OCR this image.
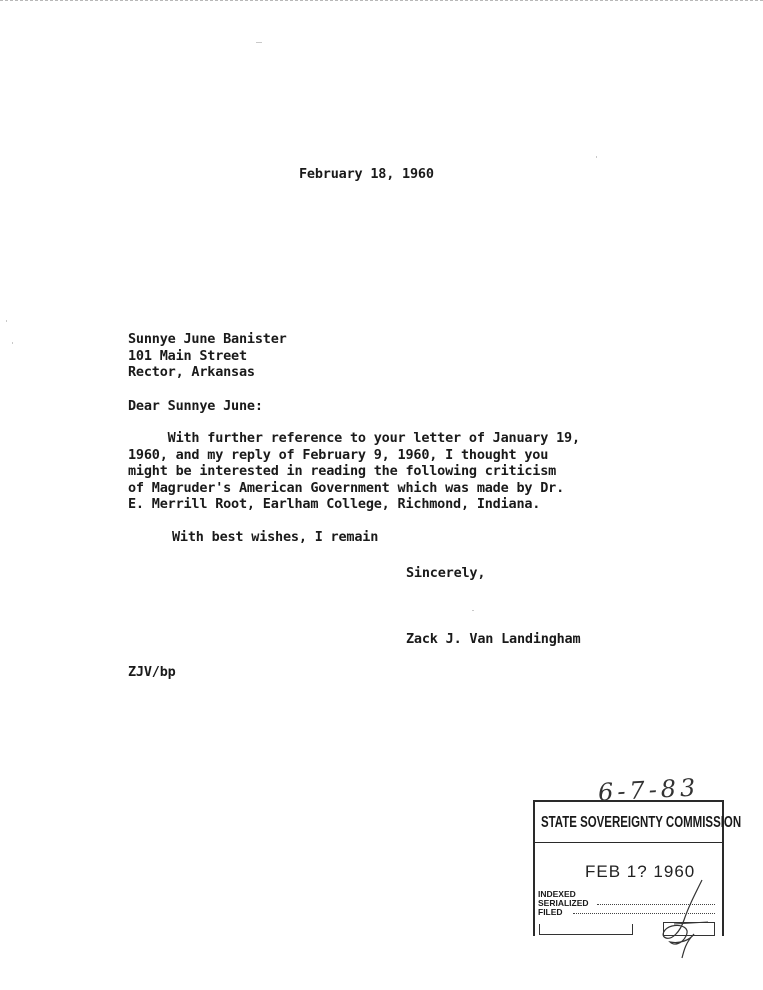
February 18, 1960
Sunnye June Banister
101 Main Street
Rector, Arkansas
Dear Sunnye June:
With further reference to your letter of January 19,
1960, and my reply of February 9, 1960, I thought you
might be interested in reading the following criticism
of Magruder's American Government which was made by Dr.
E. Merrill Root, Earlham College, Richmond, Indiana.
With best wishes, I remain
Sincerely,
Zack J. Van Landingham
ZJV/bp
6-7-83
STATE SOVEREIGNTY COMMISSION
FEB 1? 1960
INDEXED
SERIALIZED
FILED
